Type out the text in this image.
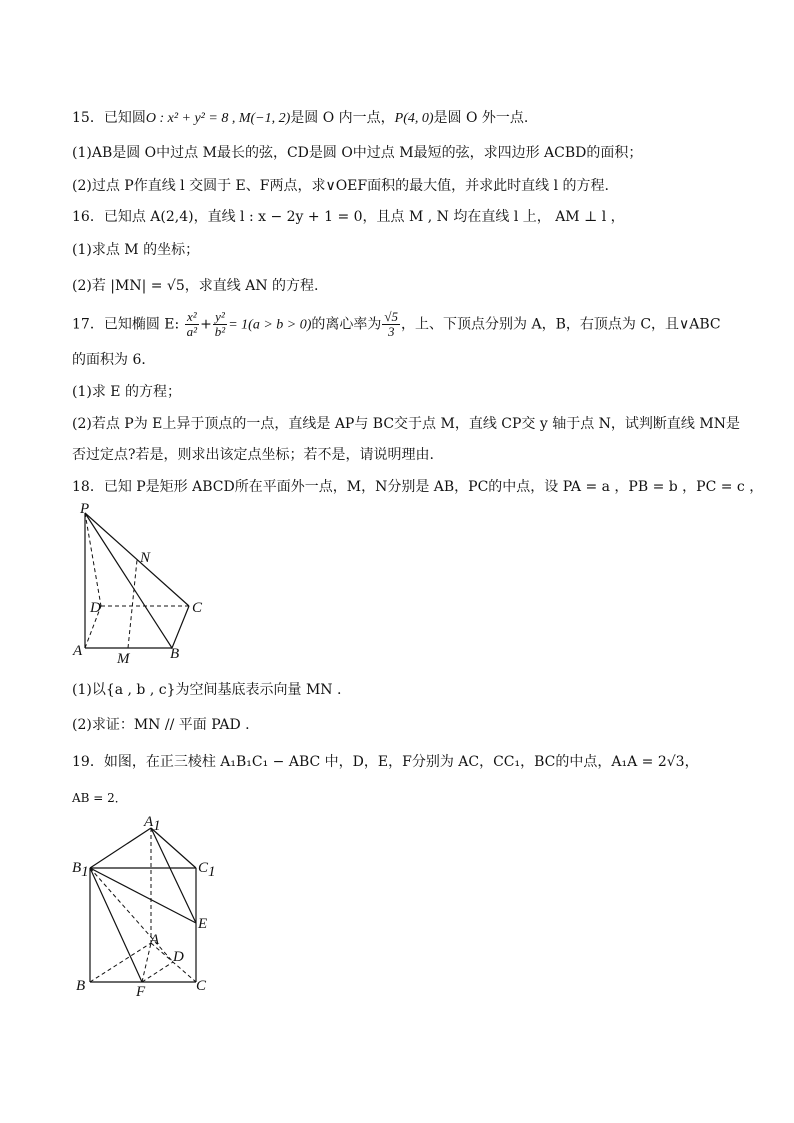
15．已知圆O : x² + y² = 8 , M(−1, 2)是圆 O 内一点，P(4, 0)是圆 O 外一点.
(1)AB是圆 O中过点 M最长的弦，CD是圆 O中过点 M最短的弦，求四边形 ACBD的面积；
(2)过点 P作直线 l 交圆于 E、F两点，求∨OEF面积的最大值，并求此时直线 l 的方程.
16．已知点 A(2,4)，直线 l : x − 2y + 1 = 0，且点 M , N 均在直线 l 上， AM ⊥ l ，
(1)求点 M 的坐标；
(2)若 |MN| = √5，求直线 AN 的方程.
17．已知椭圆 E: $\frac{\text{x²}}{\text{a²}} + \frac{\text{y²}}{\text{b²}} = 1(a > b > 0)$的离心率为 $\frac{√5}{3}$ ，上、下顶点分别为 A，B，右顶点为 C，且∨ABC
的面积为 6．
(1)求 E 的方程；
(2)若点 P为 E上异于顶点的一点，直线是 AP与 BC交于点 M，直线 CP交 y 轴于点 N，试判断直线 MN是
否过定点?若是，则求出该定点坐标；若不是，请说明理由.
18．已知 P是矩形 ABCD所在平面外一点，M，N分别是 AB，PC的中点，设 PA = a ，PB = b ，PC = c ，
P
N
D	C
A M	B
(1)以{a , b , c}为空间基底表示向量 MN .
(2)求证：MN // 平面 PAD .
19．如图，在正三棱柱 A₁B₁C₁ − ABC 中，D，E，F分别为 AC，CC₁，BC的中点，A₁A = 2√3，
AB = 2．
A1
B1	C1
E
A
D
B	F	C
